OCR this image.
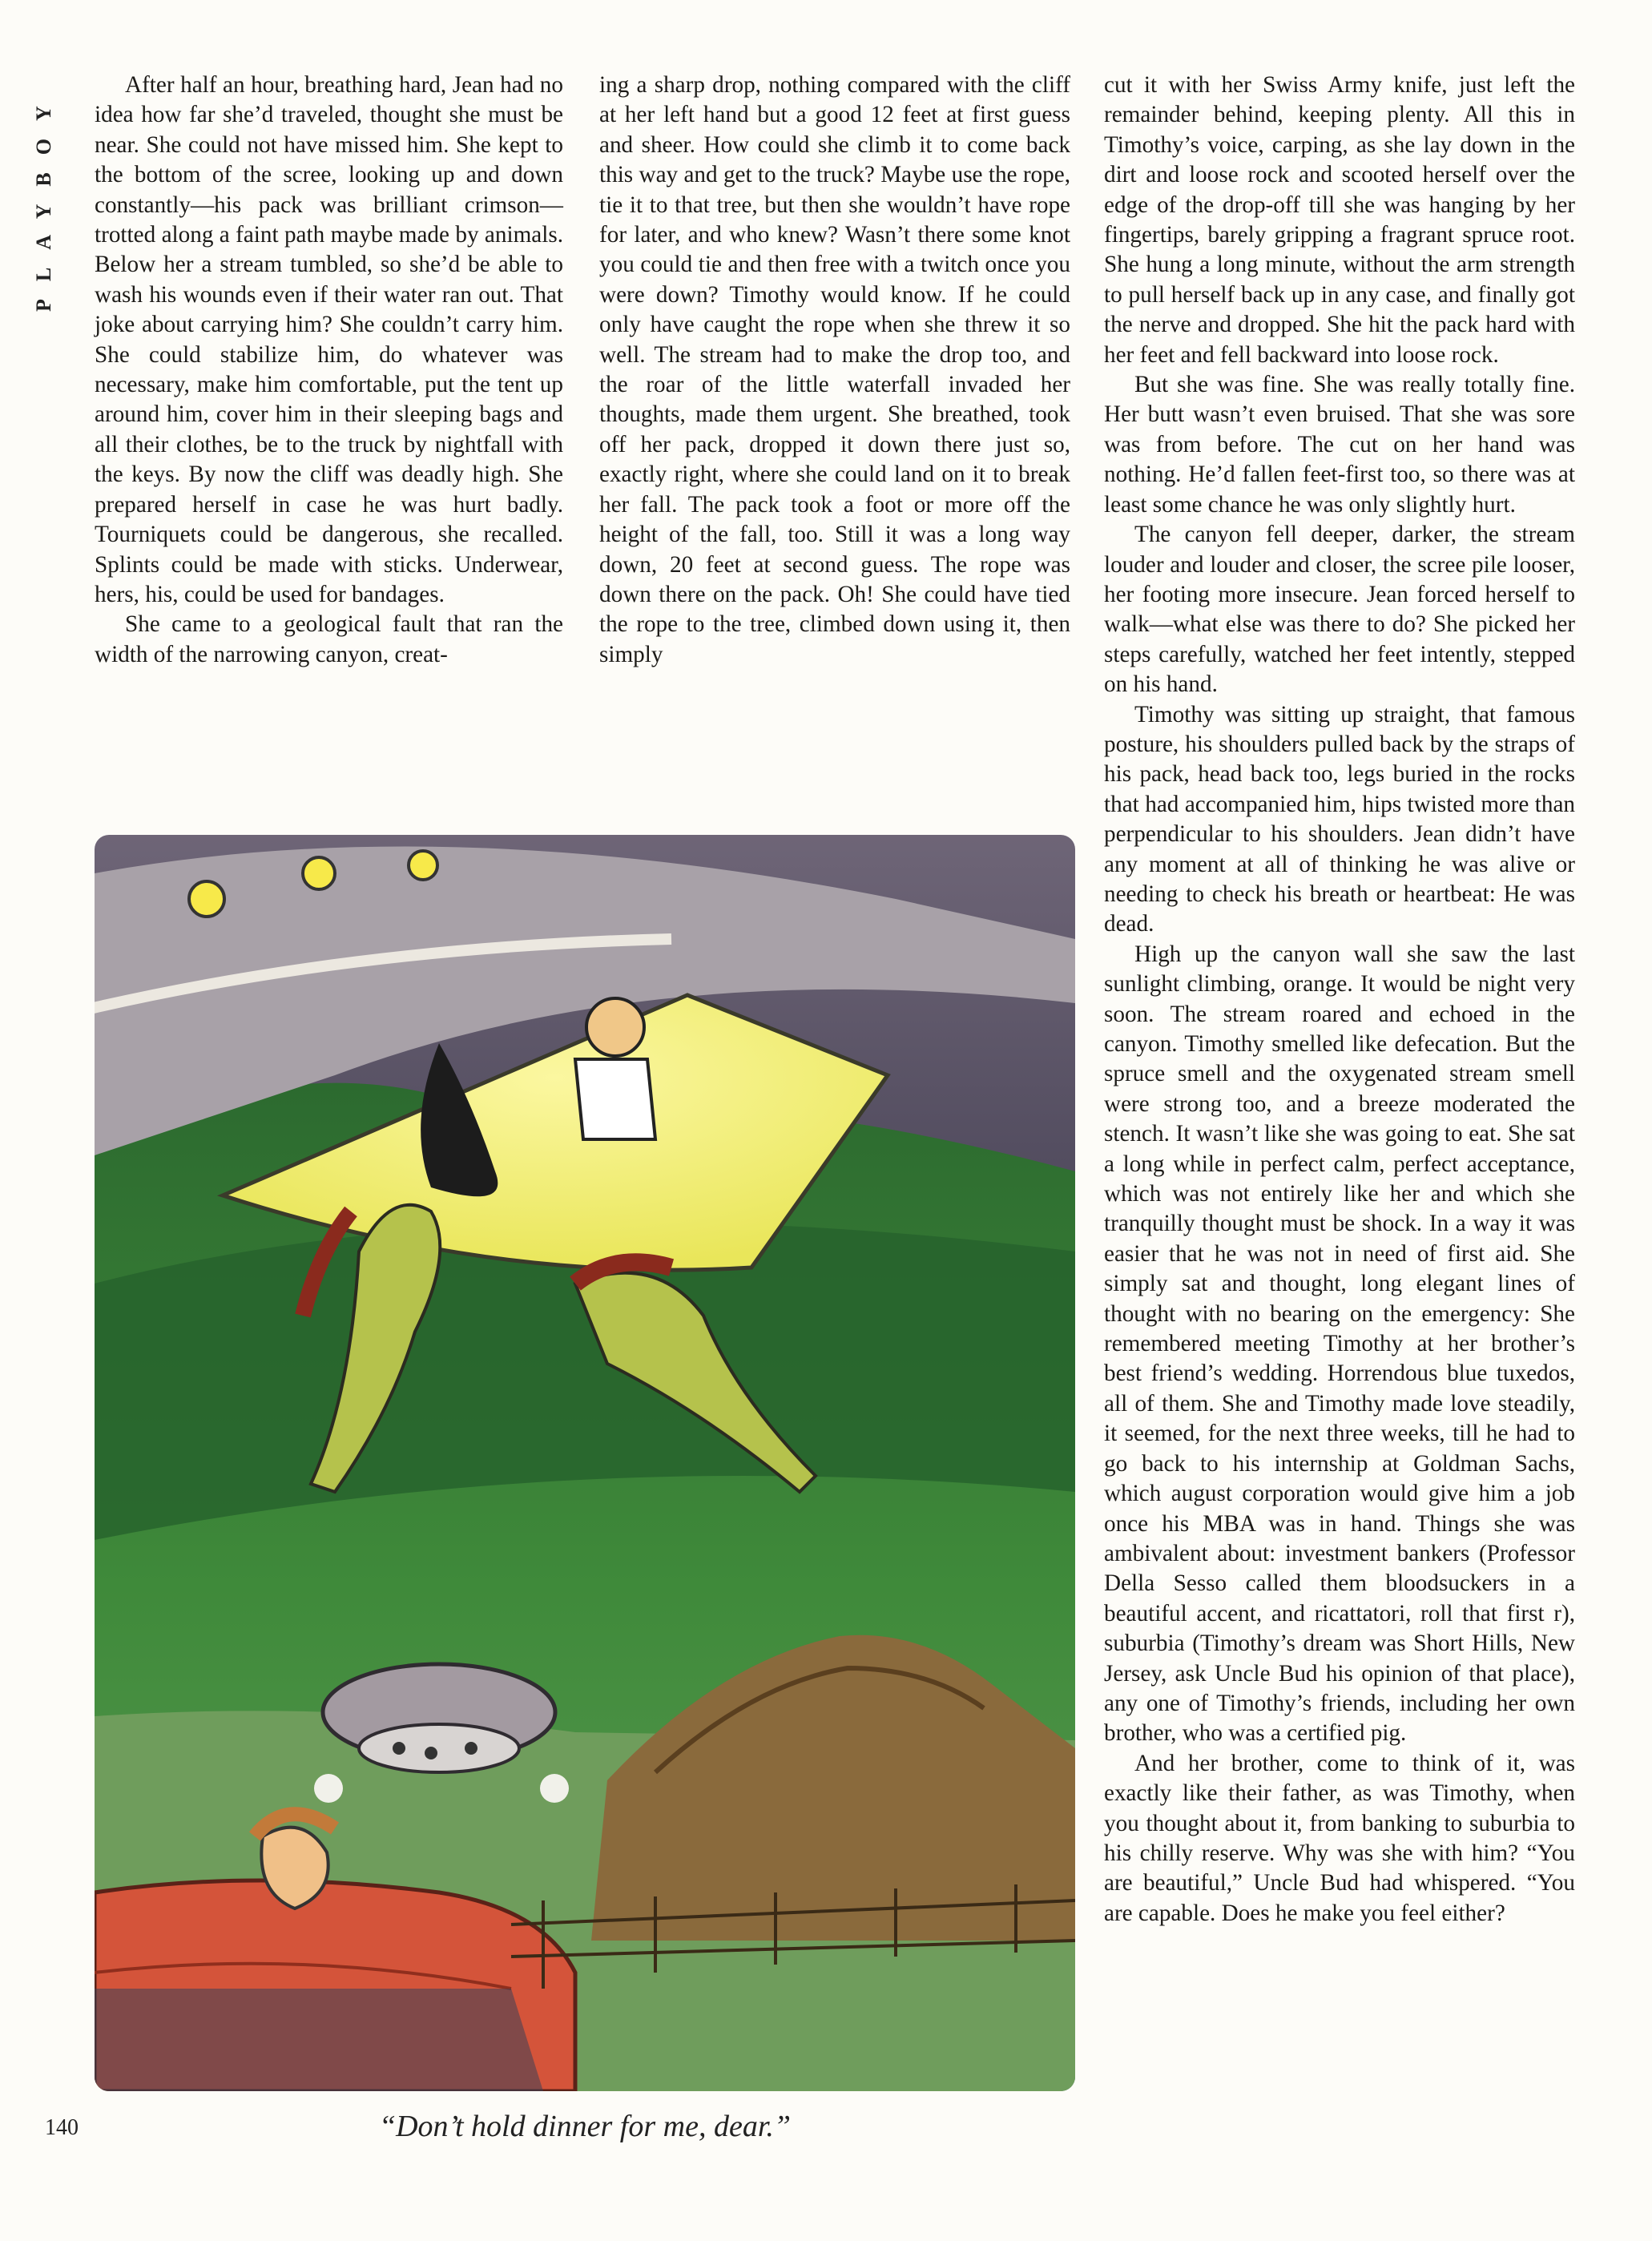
PLAYBOY

After half an hour, breathing hard, Jean had no idea how far she’d traveled, thought she must be near. She could not have missed him. She kept to the bottom of the scree, looking up and down constantly—his pack was brilliant crimson—trotted along a faint path maybe made by animals. Below her a stream tumbled, so she’d be able to wash his wounds even if their water ran out. That joke about carrying him? She couldn’t carry him. She could stabilize him, do whatever was necessary, make him comfortable, put the tent up around him, cover him in their sleeping bags and all their clothes, be to the truck by nightfall with the keys. By now the cliff was deadly high. She prepared herself in case he was hurt badly. Tourniquets could be dangerous, she recalled. Splints could be made with sticks. Underwear, hers, his, could be used for bandages.

She came to a geological fault that ran the width of the narrowing canyon, creat-

ing a sharp drop, nothing compared with the cliff at her left hand but a good 12 feet at first guess and sheer. How could she climb it to come back this way and get to the truck? Maybe use the rope, tie it to that tree, but then she wouldn’t have rope for later, and who knew? Wasn’t there some knot you could tie and then free with a twitch once you were down? Timothy would know. If he could only have caught the rope when she threw it so well. The stream had to make the drop too, and the roar of the little waterfall invaded her thoughts, made them urgent. She breathed, took off her pack, dropped it down there just so, exactly right, where she could land on it to break her fall. The pack took a foot or more off the height of the fall, too. Still it was a long way down, 20 feet at second guess. The rope was down there on the pack. Oh! She could have tied the rope to the tree, climbed down using it, then simply

cut it with her Swiss Army knife, just left the remainder behind, keeping plenty. All this in Timothy’s voice, carping, as she lay down in the dirt and loose rock and scooted herself over the edge of the drop-off till she was hanging by her fingertips, barely gripping a fragrant spruce root. She hung a long minute, without the arm strength to pull herself back up in any case, and finally got the nerve and dropped. She hit the pack hard with her feet and fell backward into loose rock.

But she was fine. She was really totally fine. Her butt wasn’t even bruised. That she was sore was from before. The cut on her hand was nothing. He’d fallen feet-first too, so there was at least some chance he was only slightly hurt.

The canyon fell deeper, darker, the stream louder and louder and closer, the scree pile looser, her footing more insecure. Jean forced herself to walk—what else was there to do? She picked her steps carefully, watched her feet intently, stepped on his hand.

Timothy was sitting up straight, that famous posture, his shoulders pulled back by the straps of his pack, head back too, legs buried in the rocks that had accompanied him, hips twisted more than perpendicular to his shoulders. Jean didn’t have any moment at all of thinking he was alive or needing to check his breath or heartbeat: He was dead.

High up the canyon wall she saw the last sunlight climbing, orange. It would be night very soon. The stream roared and echoed in the canyon. Timothy smelled like defecation. But the spruce smell and the oxygenated stream smell were strong too, and a breeze moderated the stench. It wasn’t like she was going to eat. She sat a long while in perfect calm, perfect acceptance, which was not entirely like her and which she tranquilly thought must be shock. In a way it was easier that he was not in need of first aid. She simply sat and thought, long elegant lines of thought with no bearing on the emergency: She remembered meeting Timothy at her brother’s best friend’s wedding. Horrendous blue tuxedos, all of them. She and Timothy made love steadily, it seemed, for the next three weeks, till he had to go back to his internship at Goldman Sachs, which august corporation would give him a job once his MBA was in hand. Things she was ambivalent about: investment bankers (Professor Della Sesso called them bloodsuckers in a beautiful accent, and ricattatori, roll that first r), suburbia (Timothy’s dream was Short Hills, New Jersey, ask Uncle Bud his opinion of that place), any one of Timothy’s friends, including her own brother, who was a certified pig.

And her brother, come to think of it, was exactly like their father, as was Timothy, when you thought about it, from banking to suburbia to his chilly reserve. Why was she with him? “You are beautiful,” Uncle Bud had whispered. “You are capable. Does he make you feel either?

“Don’t hold dinner for me, dear.”
140
